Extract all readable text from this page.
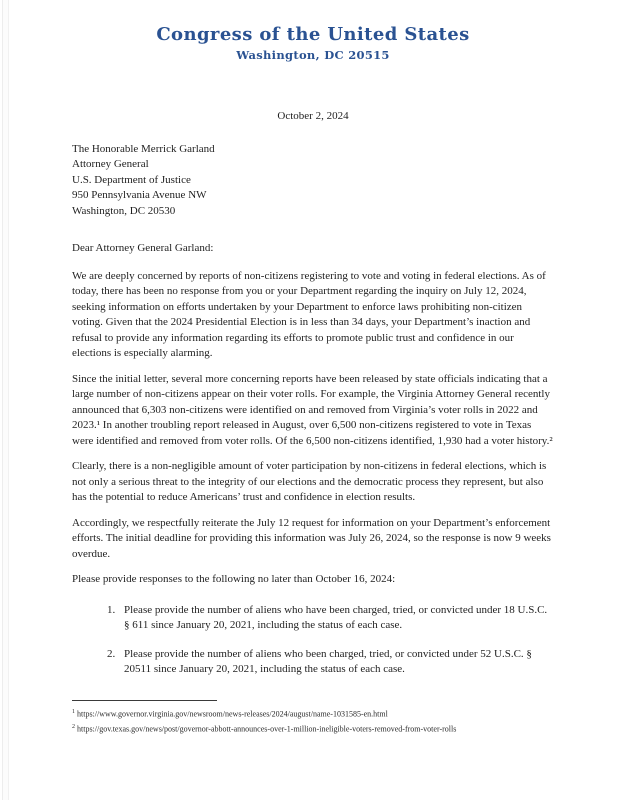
Congress of the United States
Washington, DC 20515
October 2, 2024
The Honorable Merrick Garland
Attorney General
U.S. Department of Justice
950 Pennsylvania Avenue NW
Washington, DC 20530
Dear Attorney General Garland:

We are deeply concerned by reports of non-citizens registering to vote and voting in federal elections. As of today, there has been no response from you or your Department regarding the inquiry on July 12, 2024, seeking information on efforts undertaken by your Department to enforce laws prohibiting non-citizen voting. Given that the 2024 Presidential Election is in less than 34 days, your Department’s inaction and refusal to provide any information regarding its efforts to promote public trust and confidence in our elections is especially alarming.

Since the initial letter, several more concerning reports have been released by state officials indicating that a large number of non-citizens appear on their voter rolls. For example, the Virginia Attorney General recently announced that 6,303 non-citizens were identified on and removed from Virginia’s voter rolls in 2022 and 2023.¹ In another troubling report released in August, over 6,500 non-citizens registered to vote in Texas were identified and removed from voter rolls. Of the 6,500 non-citizens identified, 1,930 had a voter history.²

Clearly, there is a non-negligible amount of voter participation by non-citizens in federal elections, which is not only a serious threat to the integrity of our elections and the democratic process they represent, but also has the potential to reduce Americans’ trust and confidence in election results.

Accordingly, we respectfully reiterate the July 12 request for information on your Department’s enforcement efforts. The initial deadline for providing this information was July 26, 2024, so the response is now 9 weeks overdue.

Please provide responses to the following no later than October 16, 2024:

1. Please provide the number of aliens who have been charged, tried, or convicted under 18 U.S.C. § 611 since January 20, 2021, including the status of each case.
2. Please provide the number of aliens who been charged, tried, or convicted under 52 U.S.C. § 20511 since January 20, 2021, including the status of each case.
$^1$ https://www.governor.virginia.gov/newsroom/news-releases/2024/august/name-1031585-en.html
$^2$ https://gov.texas.gov/news/post/governor-abbott-announces-over-1-million-ineligible-voters-removed-from-voter-rolls
